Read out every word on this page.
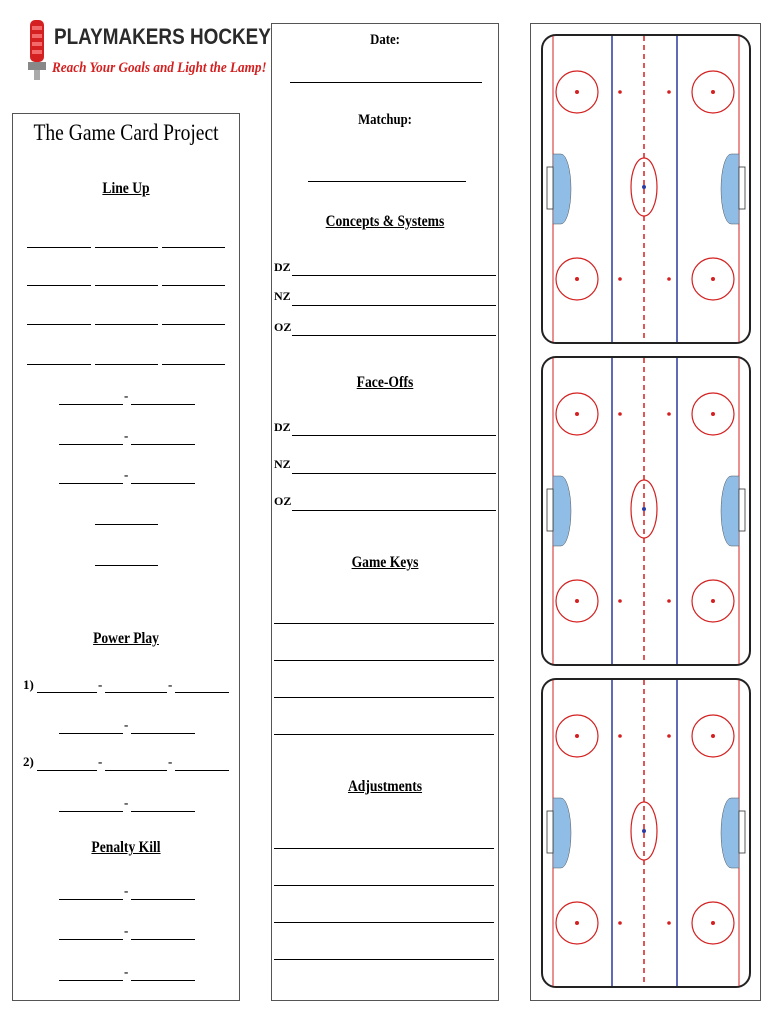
PLAYMAKERS HOCKEY
Reach Your Goals and Light the Lamp!
The Game Card Project
Line Up
-
-
-
Power Play
1)	-	-
-
2)	-	-
-
Penalty Kill
-
-
-
Date:
Matchup:
Concepts & Systems
DZ
NZ
OZ
Face-Offs
DZ
NZ
OZ
Game Keys
Adjustments
